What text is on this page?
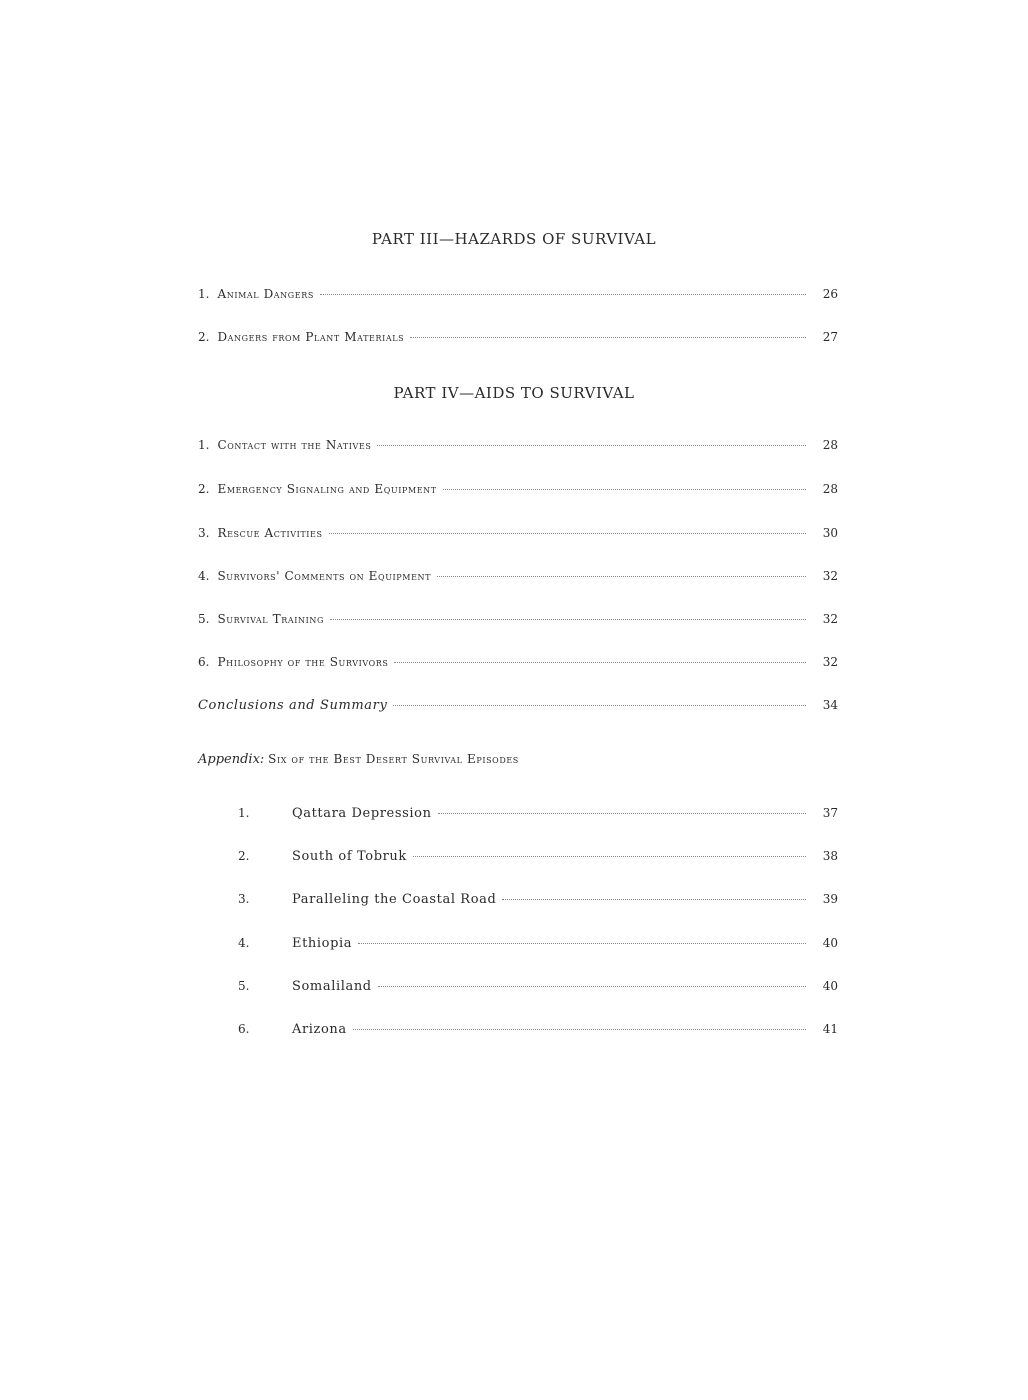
PART III—HAZARDS OF SURVIVAL
1. Animal Dangers	26
2. Dangers from Plant Materials	27
PART IV—AIDS TO SURVIVAL
1. Contact with the Natives	28
2. Emergency Signaling and Equipment	28
3. Rescue Activities	30
4. Survivors' Comments on Equipment	32
5. Survival Training	32
6. Philosophy of the Survivors	32
Conclusions and Summary	34
Appendix: Six of the Best Desert Survival Episodes
1.	Qattara Depression	37
2.	South of Tobruk	38
3.	Paralleling the Coastal Road	39
4.	Ethiopia	40
5.	Somaliland	40
6.	Arizona	41
